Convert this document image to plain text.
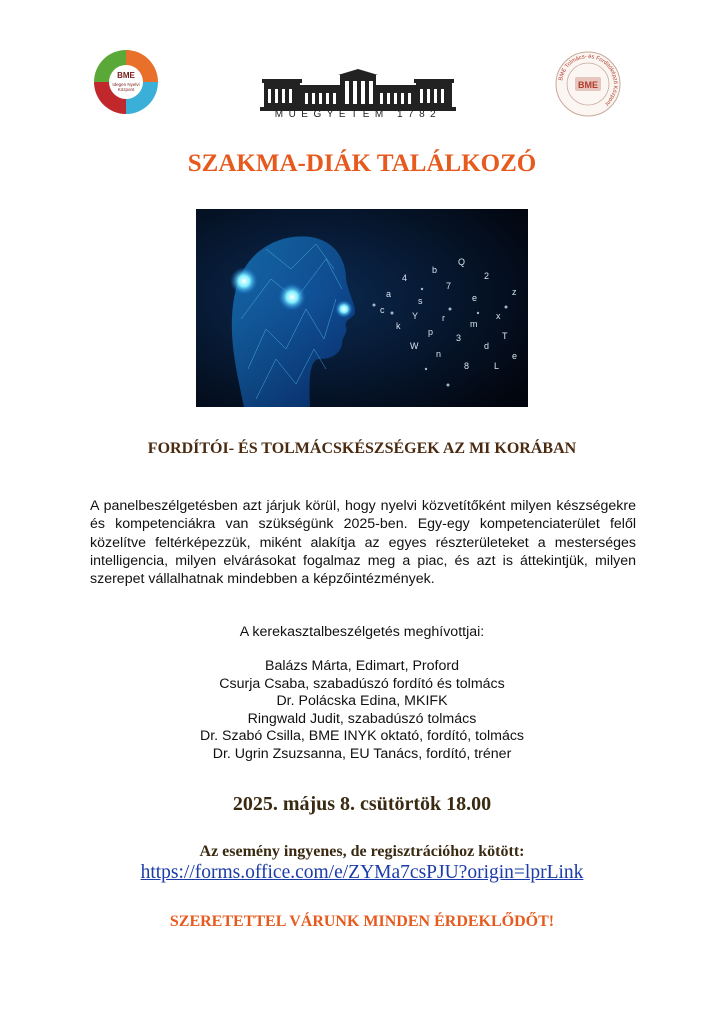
BME
Idegen Nyelvi
Központ
MŰEGYETEM 1782
BME Tolmács- és Fordítóképző Központ
BME
SZAKMA-DIÁK TALÁLKOZÓ
a
4
s
b
7
Q
e
2
x
k
Y
p
r
3
m
d
T
z
W
n
8	L
c
e
FORDÍTÓI- ÉS TOLMÁCSKÉSZSÉGEK AZ MI KORÁBAN

A panelbeszélgetésben azt járjuk körül, hogy nyelvi közvetítőként milyen készségekre és kompetenciákra van szükségünk 2025-ben. Egy-egy kompetenciaterület felől közelítve feltérképezzük, miként alakítja az egyes részterületeket a mesterséges intelligencia, milyen elvárásokat fogalmaz meg a piac, és azt is áttekintjük, milyen szerepet vállalhatnak mindebben a képzőintézmények.

A kerekasztalbeszélgetés meghívottjai:
Balázs Márta, Edimart, Proford
Csurja Csaba, szabadúszó fordító és tolmács
Dr. Polácska Edina, MKIFK
Ringwald Judit, szabadúszó tolmács
Dr. Szabó Csilla, BME INYK oktató, fordító, tolmács
Dr. Ugrin Zsuzsanna, EU Tanács, fordító, tréner
2025. május 8. csütörtök 18.00
Az esemény ingyenes, de regisztrációhoz kötött:
https://forms.office.com/e/ZYMa7csPJU?origin=lprLink
SZERETETTEL VÁRUNK MINDEN ÉRDEKLŐDŐT!
